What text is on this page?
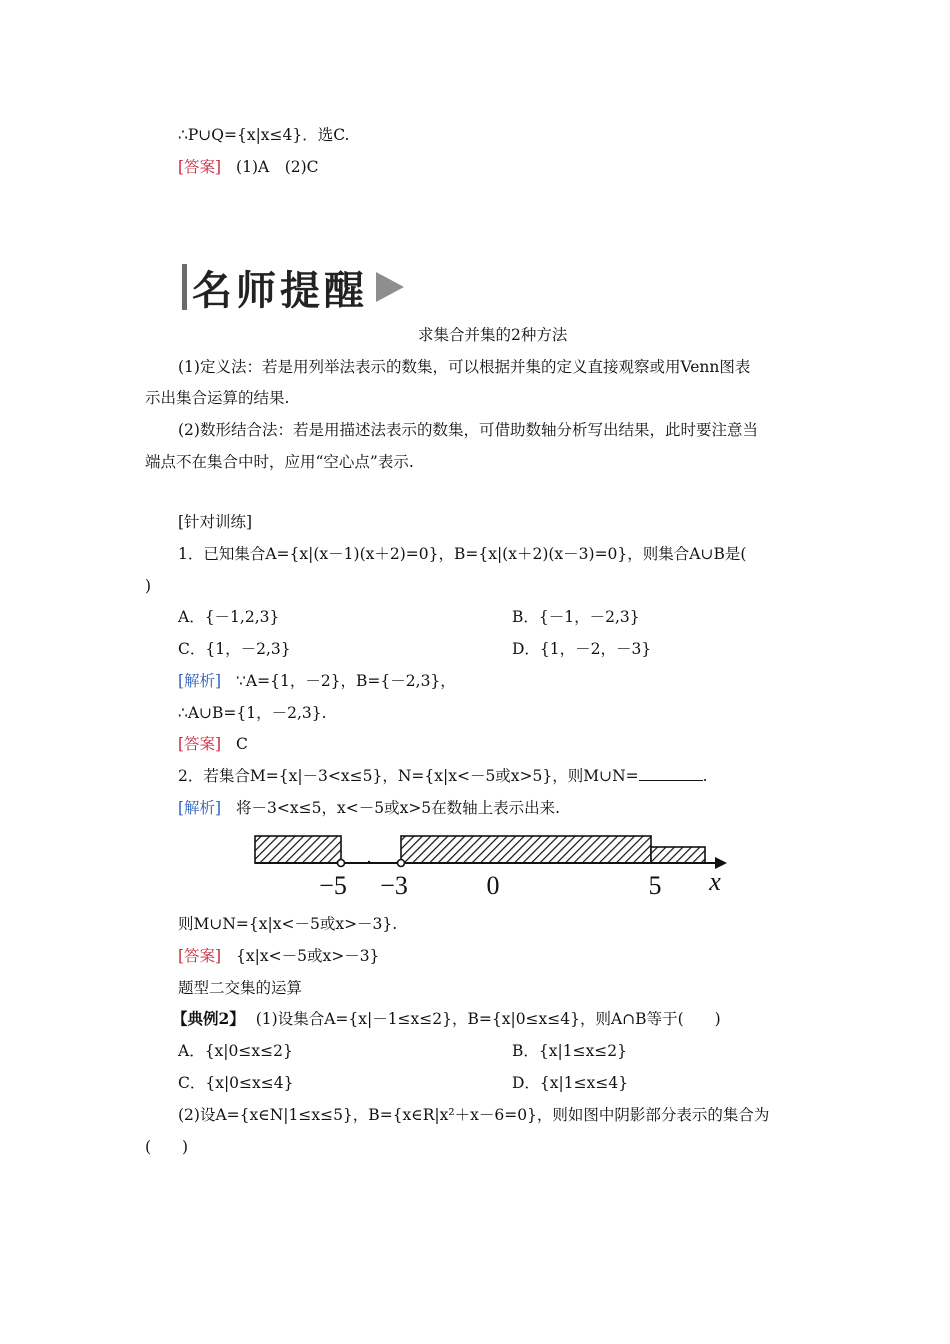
∴P∪Q={x|x≤4}．选C.
[答案] (1)A　(2)C
名师提醒
求集合并集的2种方法
(1)定义法：若是用列举法表示的数集，可以根据并集的定义直接观察或用Venn图表
示出集合运算的结果.
(2)数形结合法：若是用描述法表示的数集，可借助数轴分析写出结果，此时要注意当
端点不在集合中时，应用“空心点”表示.
[针对训练]
1．已知集合A={x|(x－1)(x＋2)=0}，B={x|(x＋2)(x－3)=0}，则集合A∪B是(
)
A．{－1,2,3}	B．{－1，－2,3}
C．{1，－2,3}	D．{1，－2，－3}
[解析] ∵A={1，－2}，B={－2,3}，
∴A∪B={1，－2,3}.
[答案] C
2．若集合M={x|－3<x≤5}，N={x|x<－5或x>5}，则M∪N=	.
[解析] 将－3<x≤5，x<－5或x>5在数轴上表示出来.
−5 −3	0	5 x
则M∪N={x|x<－5或x>－3}.
[答案] {x|x<－5或x>－3}
题型二交集的运算
【典例2】 (1)设集合A={x|－1≤x≤2}，B={x|0≤x≤4}，则A∩B等于(　　)
A．{x|0≤x≤2}	B．{x|1≤x≤2}
C．{x|0≤x≤4}	D．{x|1≤x≤4}
(2)设A={x∈N|1≤x≤5}，B={x∈R|x²＋x－6=0}，则如图中阴影部分表示的集合为
(　　)
